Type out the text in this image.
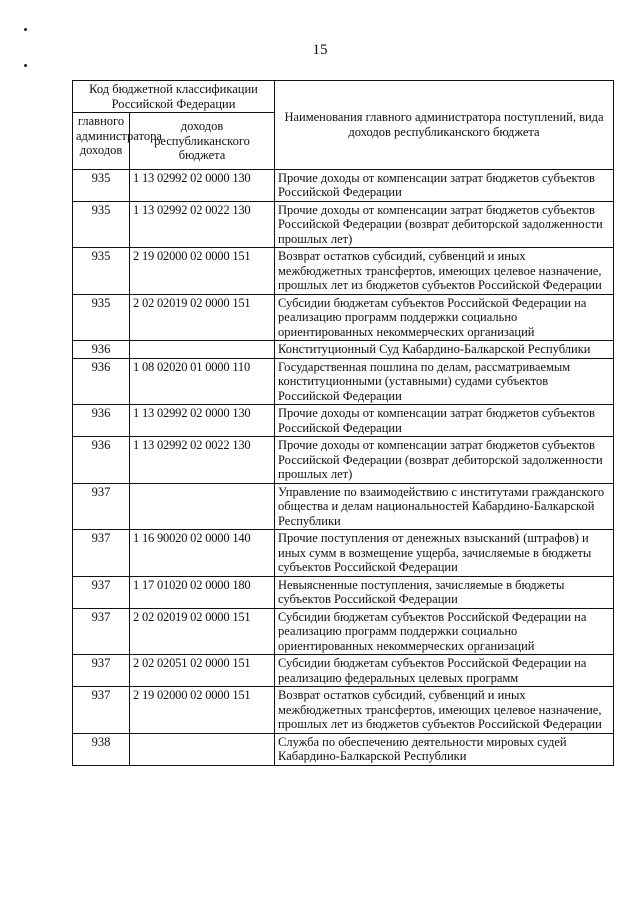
15
Код бюджетной классификации Российской Федерации		Наименования главного администратора поступлений, вида доходов республиканского бюджета
главного администратора доходов	доходов республиканского бюджета	
935	1 13 02992 02 0000 130	Прочие доходы от компенсации затрат бюджетов субъектов Российской Федерации
935	1 13 02992 02 0022 130	Прочие доходы от компенсации затрат бюджетов субъектов Российской Федерации (возврат дебиторской задолженности прошлых лет)
935	2 19 02000 02 0000 151	Возврат остатков субсидий, субвенций и иных межбюджетных трансфертов, имеющих целевое назначение, прошлых лет из бюджетов субъектов Российской Федерации
935	2 02 02019 02 0000 151	Субсидии бюджетам субъектов Российской Федерации на реализацию программ поддержки социально ориентированных некоммерческих организаций
936		Конституционный Суд Кабардино-Балкарской Республики
936	1 08 02020 01 0000 110	Государственная пошлина по делам, рассматриваемым конституционными (уставными) судами субъектов Российской Федерации
936	1 13 02992 02 0000 130	Прочие доходы от компенсации затрат бюджетов субъектов Российской Федерации
936	1 13 02992 02 0022 130	Прочие доходы от компенсации затрат бюджетов субъектов Российской Федерации (возврат дебиторской задолженности прошлых лет)
937		Управление по взаимодействию с институтами гражданского общества и делам национальностей Кабардино-Балкарской Республики
937	1 16 90020 02 0000 140	Прочие поступления от денежных взысканий (штрафов) и иных сумм в возмещение ущерба, зачисляемые в бюджеты субъектов Российской Федерации
937	1 17 01020 02 0000 180	Невыясненные поступления, зачисляемые в бюджеты субъектов Российской Федерации
937	2 02 02019 02 0000 151	Субсидии бюджетам субъектов Российской Федерации на реализацию программ поддержки социально ориентированных некоммерческих организаций
937	2 02 02051 02 0000 151	Субсидии бюджетам субъектов Российской Федерации на реализацию федеральных целевых программ
937	2 19 02000 02 0000 151	Возврат остатков субсидий, субвенций и иных межбюджетных трансфертов, имеющих целевое назначение, прошлых лет из бюджетов субъектов Российской Федерации
938		Служба по обеспечению деятельности мировых судей Кабардино-Балкарской Республики
